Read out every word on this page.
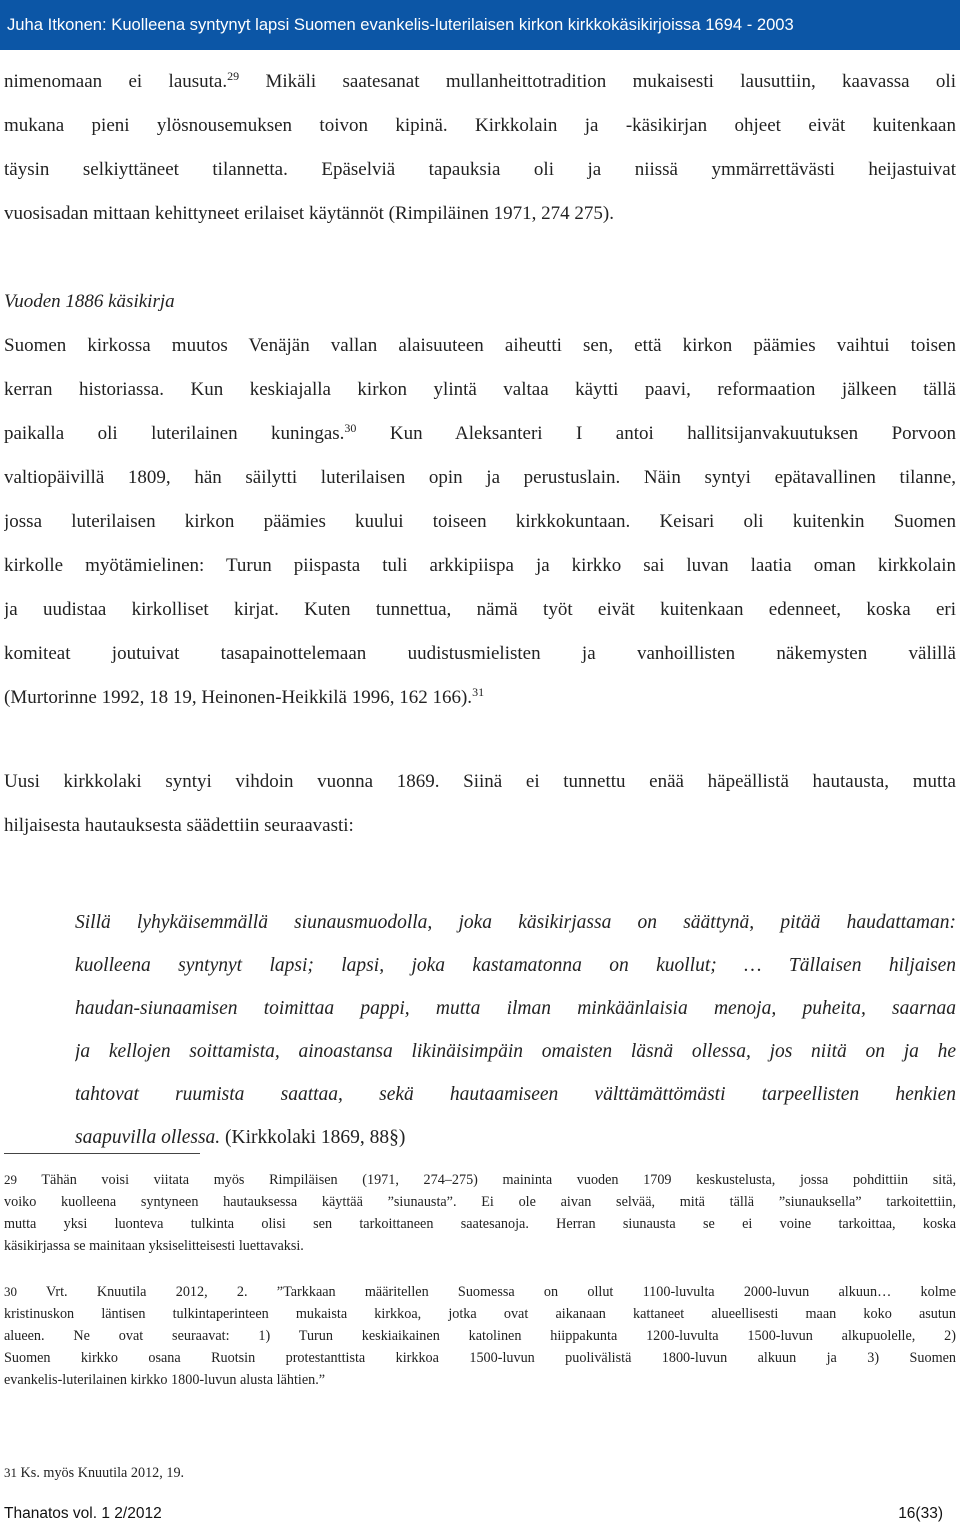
Juha Itkonen: Kuolleena syntynyt lapsi Suomen evankelis-luterilaisen kirkon kirkkokäsikirjoissa 1694 - 2003
nimenomaan ei lausuta.$^{29}$ Mikäli saatesanat mullanheittotradition mukaisesti lausuttiin, kaavassa oli
mukana pieni ylösnousemuksen toivon kipinä. Kirkkolain ja -käsikirjan ohjeet eivät kuitenkaan
täysin selkiyttäneet tilannetta. Epäselviä tapauksia oli ja niissä ymmärrettävästi heijastuivat
vuosisadan mittaan kehittyneet erilaiset käytännöt (Rimpiläinen 1971, 274 275).
Vuoden 1886 käsikirja
Suomen kirkossa muutos Venäjän vallan alaisuuteen aiheutti sen, että kirkon päämies vaihtui toisen
kerran historiassa. Kun keskiajalla kirkon ylintä valtaa käytti paavi, reformaation jälkeen tällä
paikalla oli luterilainen kuningas.$^{30}$ Kun Aleksanteri I antoi hallitsijanvakuutuksen Porvoon
valtiopäivillä 1809, hän säilytti luterilaisen opin ja perustuslain. Näin syntyi epätavallinen tilanne,
jossa luterilaisen kirkon päämies kuului toiseen kirkkokuntaan. Keisari oli kuitenkin Suomen
kirkolle myötämielinen: Turun piispasta tuli arkkipiispa ja kirkko sai luvan laatia oman kirkkolain
ja uudistaa kirkolliset kirjat. Kuten tunnettua, nämä työt eivät kuitenkaan edenneet, koska eri
komiteat joutuivat tasapainottelemaan uudistusmielisten ja vanhoillisten näkemysten välillä
(Murtorinne 1992, 18 19, Heinonen-Heikkilä 1996, 162 166).$^{31}$
Uusi kirkkolaki syntyi vihdoin vuonna 1869. Siinä ei tunnettu enää häpeällistä hautausta, mutta
hiljaisesta hautauksesta säädettiin seuraavasti:
Sillä lyhykäisemmällä siunausmuodolla, joka käsikirjassa on säättynä, pitää haudattaman:
kuolleena syntynyt lapsi; lapsi, joka kastamatonna on kuollut; … Tällaisen hiljaisen
haudan-siunaamisen toimittaa pappi, mutta ilman minkäänlaisia menoja, puheita, saarnaa
ja kellojen soittamista, ainoastansa likinäisimpäin omaisten läsnä ollessa, jos niitä on ja he
tahtovat ruumista saattaa, sekä hautaamiseen välttämättömästi tarpeellisten henkien
saapuvilla ollessa. (Kirkkolaki 1869, 88§)
29 Tähän voisi viitata myös Rimpiläisen (1971, 274–275) maininta vuoden 1709 keskustelusta, jossa pohdittiin sitä,
voiko kuolleena syntyneen hautauksessa käyttää ”siunausta”. Ei ole aivan selvää, mitä tällä ”siunauksella” tarkoitettiin,
mutta yksi luonteva tulkinta olisi sen tarkoittaneen saatesanoja. Herran siunausta se ei voine tarkoittaa, koska
käsikirjassa se mainitaan yksiselitteisesti luettavaksi.
30 Vrt. Knuutila 2012, 2. ”Tarkkaan määritellen Suomessa on ollut 1100-luvulta 2000-luvun alkuun… kolme
kristinuskon läntisen tulkintaperinteen mukaista kirkkoa, jotka ovat aikanaan kattaneet alueellisesti maan koko asutun
alueen. Ne ovat seuraavat: 1) Turun keskiaikainen katolinen hiippakunta 1200-luvulta 1500-luvun alkupuolelle, 2)
Suomen kirkko osana Ruotsin protestanttista kirkkoa 1500-luvun puolivälistä 1800-luvun alkuun ja 3) Suomen
evankelis-luterilainen kirkko 1800-luvun alusta lähtien.”
31 Ks. myös Knuutila 2012, 19.
Thanatos vol. 1 2/2012	16(33)
